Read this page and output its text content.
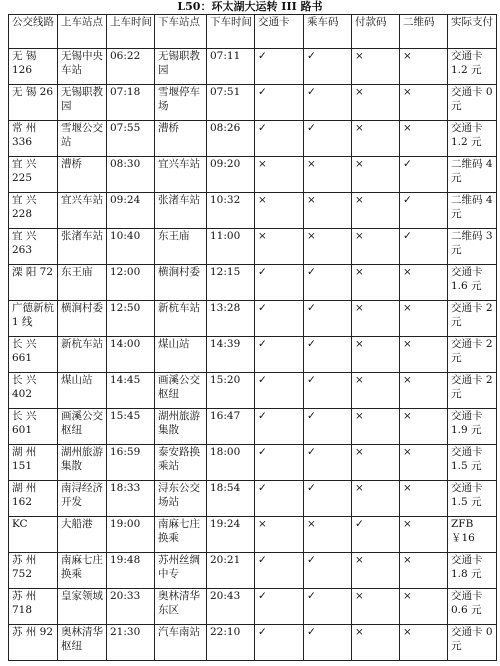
L50：环太湖大运转 III 路书
公交线路	上车站点	上车时间	下车站点	下车时间	交通卡	乘车码	付款码	二维码	实际支付
无 锡 126	无锡中央车站	06:22	无锡职教园	07:11	✓	✓	×	×	交通卡 1.2 元
无 锡 26	无锡职教园	07:18	雪堰停车场	07:51	✓	✓	×	×	交通卡 0 元
常 州 336	雪堰公交站	07:55	漕桥	08:26	✓	✓	×	×	交通卡 1.2 元
宜 兴 225	漕桥	08:30	宜兴车站	09:20	×	×	×	✓	二维码 4 元
宜 兴 228	宜兴车站	09:24	张渚车站	10:32	×	×	×	✓	二维码 4 元
宜 兴 263	张渚车站	10:40	东王庙	11:00	×	×	×	✓	二维码 3 元
溧 阳 72	东王庙	12:00	横涧村委	12:15	✓	✓	×	×	交通卡 1.6 元
广德新杭 1 线	横涧村委	12:50	新杭车站	13:28	✓	✓	×	×	交通卡 2 元
长 兴 661	新杭车站	14:00	煤山站	14:39	✓	✓	×	×	交通卡 2 元
长 兴 402	煤山站	14:45	画溪公交枢纽	15:20	✓	✓	×	×	交通卡 2 元
长 兴 601	画溪公交枢纽	15:45	湖州旅游集散	16:47	✓	✓	×	×	交通卡 1.9 元
湖 州 151	湖州旅游集散	16:59	泰安路换乘站	18:00	✓	✓	×	×	交通卡 1.5 元
湖 州 162	南浔经济开发	18:33	浔东公交场站	18:54	✓	✓	×	×	交通卡 1.5 元
KC	大船港	19:00	南麻七庄换乘	19:24	×	×	✓	×	ZFB ￥16
苏 州 752	南麻七庄换乘	19:48	苏州丝绸中专	20:21	✓	✓	×	×	交通卡 1.8 元
苏 州 718	皇家领域	20:33	奥林清华东区	20:43	✓	✓	×	×	交通卡 0.6 元
苏 州 92	奥林清华枢纽	21:30	汽车南站	22:10	✓	✓	×	×	交通卡 0 元
